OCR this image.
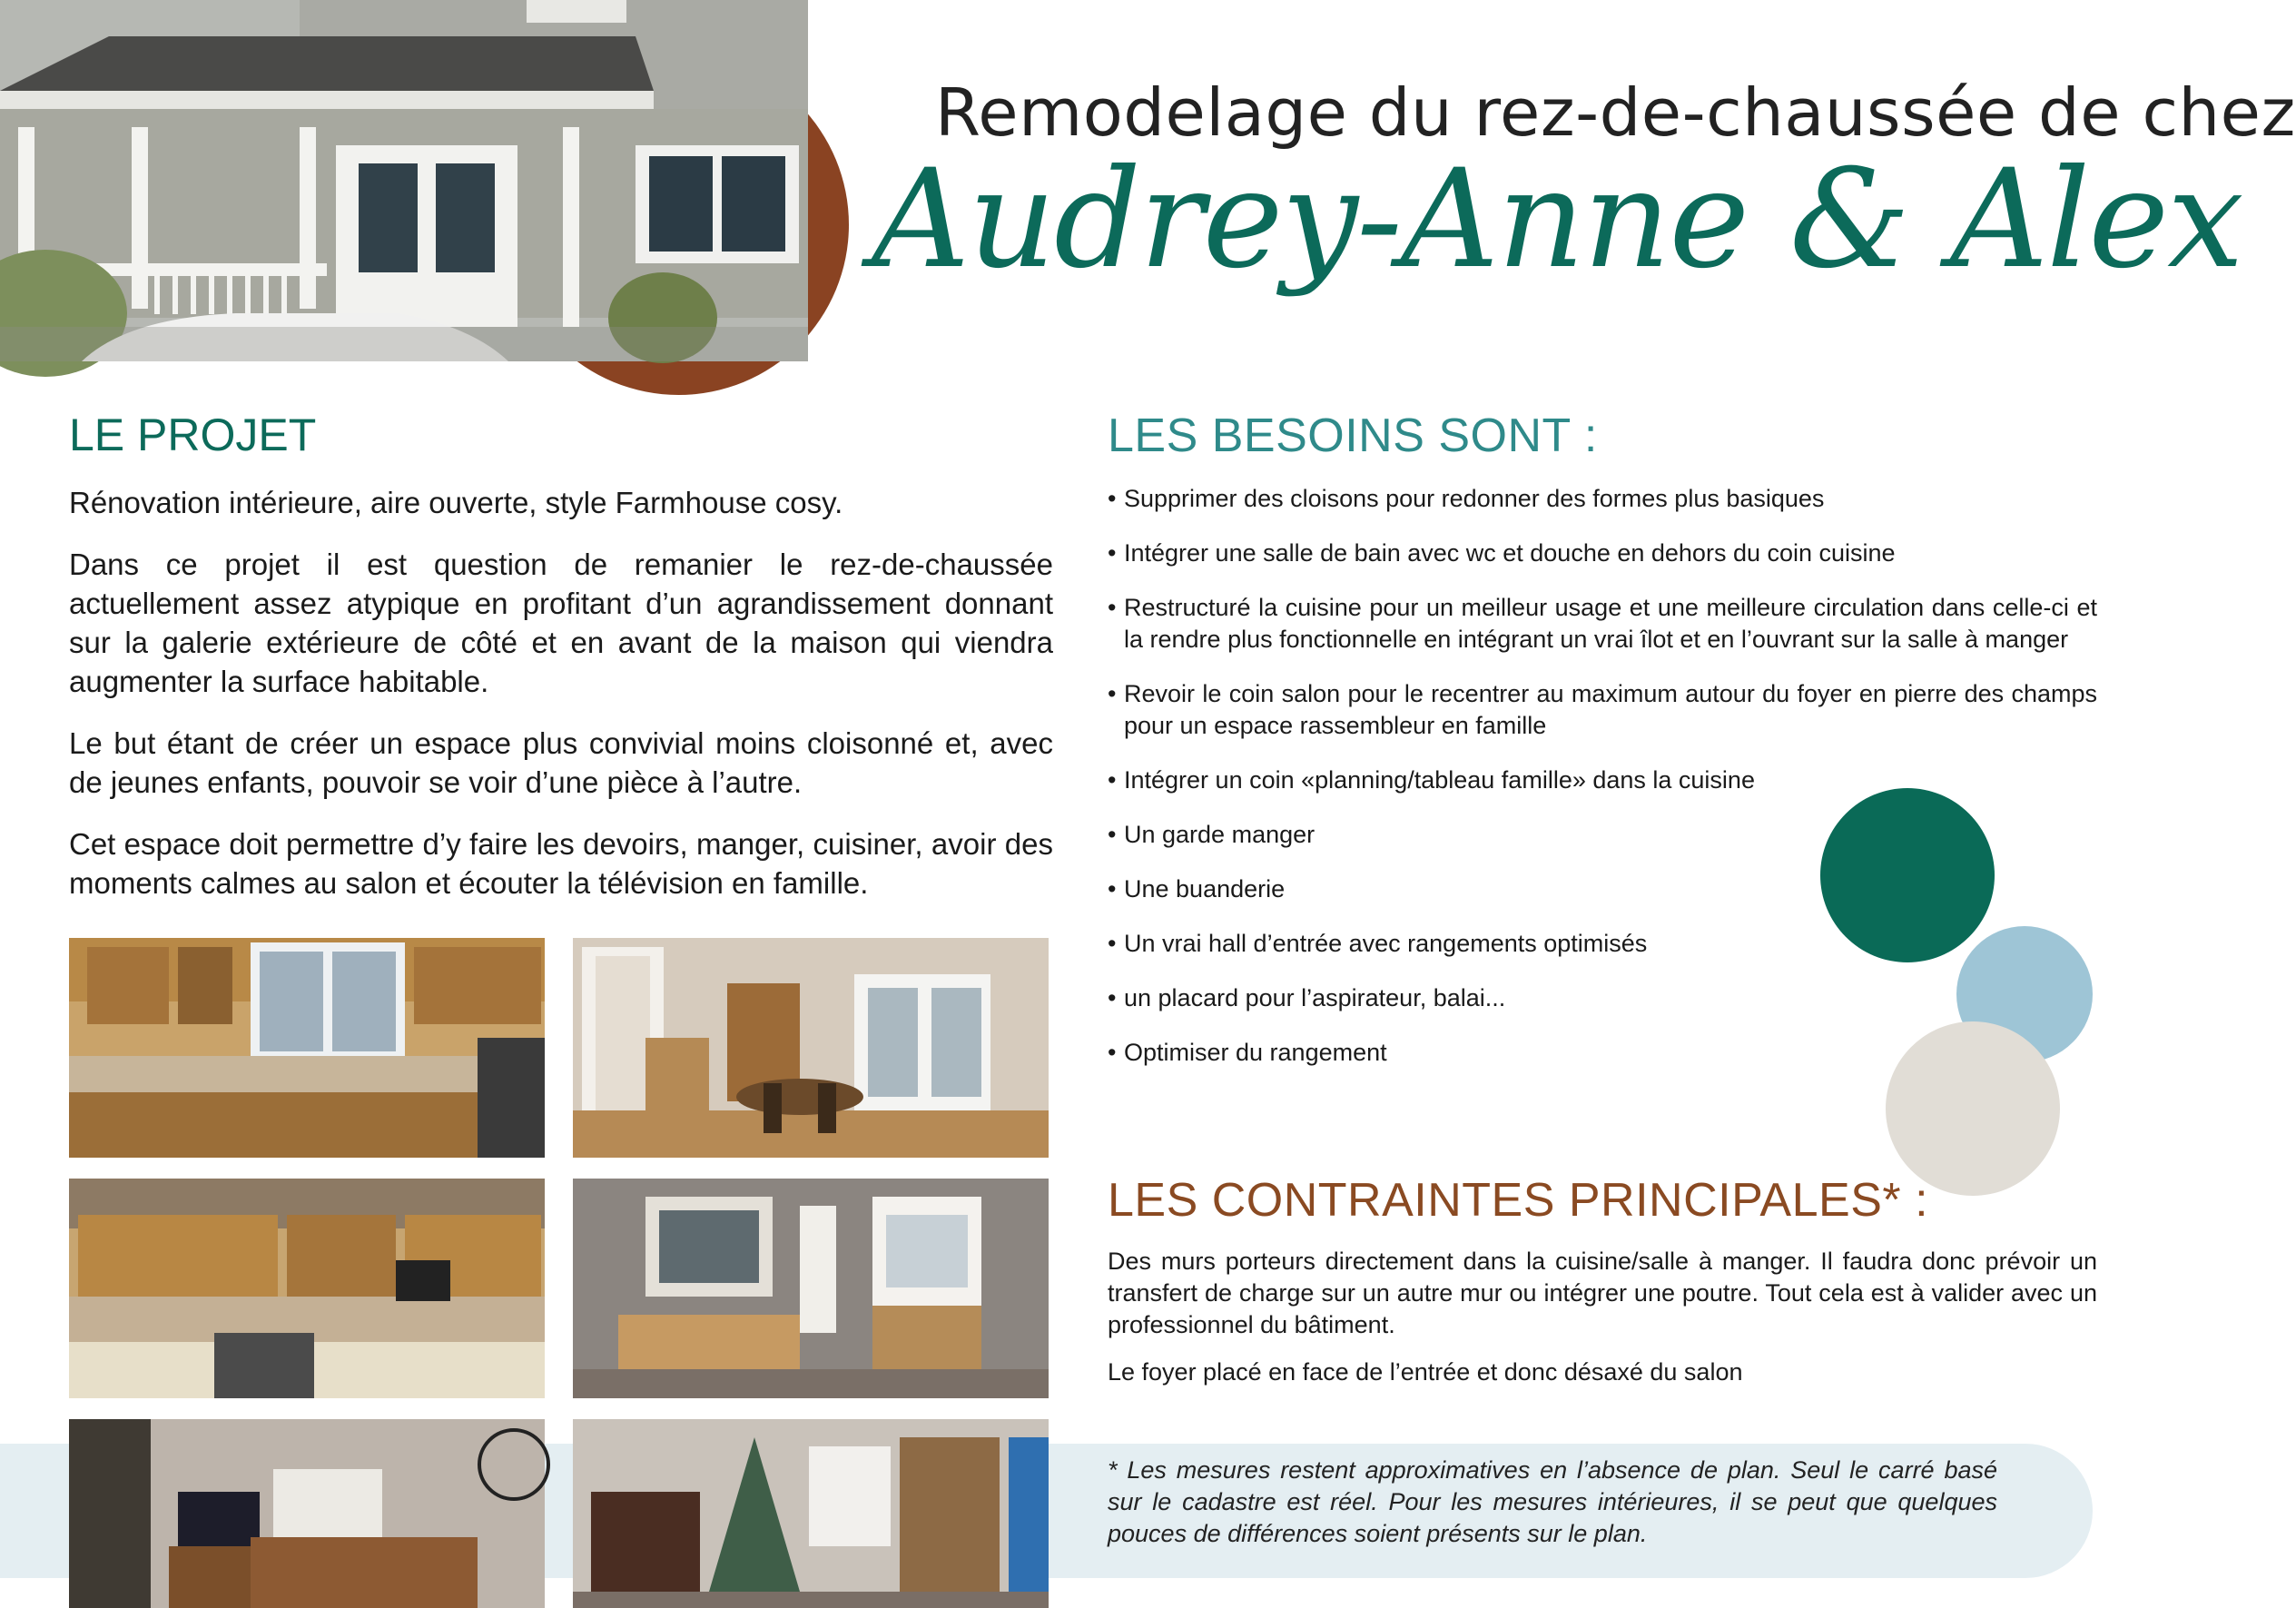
Remodelage du rez-de-chaussée de chez
Audrey-Anne & Alex
LE PROJET
Rénovation intérieure, aire ouverte, style Farmhouse cosy.
Dans ce projet il est question de remanier le rez-de-chaussée actuellement assez atypique en profitant d’un agrandissement donnant sur la galerie extérieure de côté et en avant de la maison qui viendra augmenter la surface habitable.
Le but étant de créer un espace plus convivial moins cloisonné et, avec de jeunes enfants, pouvoir se voir d’une pièce à l’autre.
Cet espace doit permettre d’y faire les devoirs, manger, cuisiner, avoir des moments calmes au salon et écouter la télévision en famille.
LES BESOINS SONT :
• Supprimer des cloisons pour redonner des formes plus basiques
• Intégrer une salle de bain avec wc et douche en dehors du coin cuisine
• Restructuré la cuisine pour un meilleur usage et une meilleure circulation dans celle-ci et la rendre plus fonctionnelle en intégrant un vrai îlot et en l’ouvrant sur la salle à manger
• Revoir le coin salon pour le recentrer au maximum autour du foyer en pierre des champs pour un espace rassembleur en famille
• Intégrer un coin «planning/tableau famille» dans la cuisine
• Un garde manger
• Une buanderie
• Un vrai hall d’entrée avec rangements optimisés
• un placard pour l’aspirateur, balai...
• Optimiser du rangement
LES CONTRAINTES PRINCIPALES* :
Des murs porteurs directement dans la cuisine/salle à manger. Il faudra donc prévoir un transfert de charge sur un autre mur ou intégrer une poutre. Tout cela est à valider avec un professionnel du bâtiment.
Le foyer placé en face de l’entrée et donc désaxé du salon
* Les mesures restent approximatives en l’absence de plan. Seul le carré basé sur le cadastre est réel. Pour les mesures intérieures, il se peut que quelques pouces de différences soient présents sur le plan.
